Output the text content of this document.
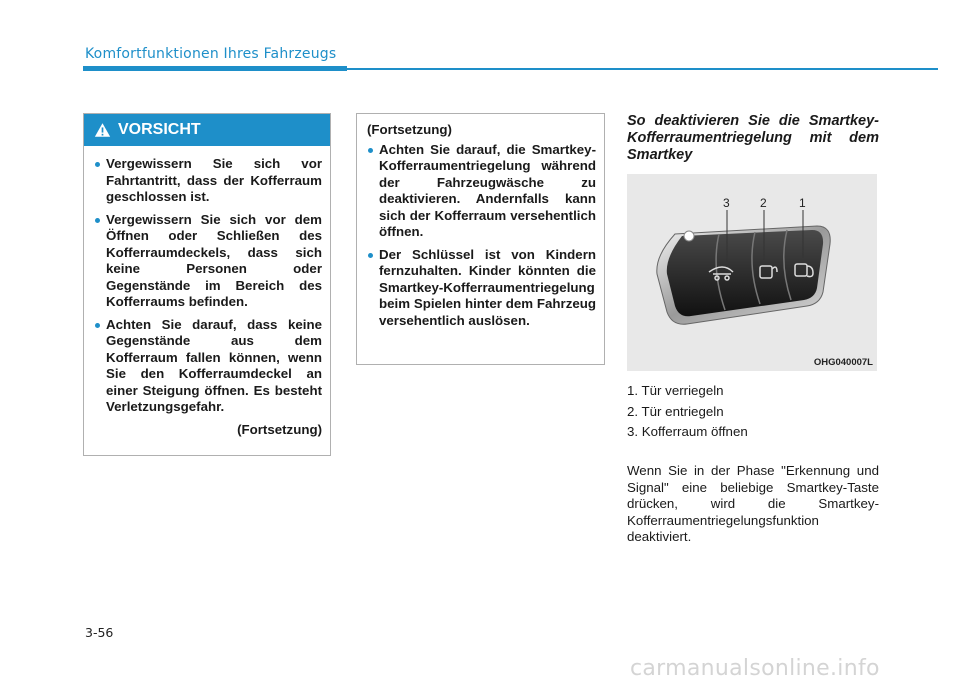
Komfortfunktionen Ihres Fahrzeugs
VORSICHT
Vergewissern Sie sich vor Fahrtantritt, dass der Kofferraum geschlossen ist.
Vergewissern Sie sich vor dem Öffnen oder Schließen des Kofferraumdeckels, dass sich keine Personen oder Gegenstände im Bereich des Kofferraums befinden.
Achten Sie darauf, dass keine Gegenstände aus dem Kofferraum fallen können, wenn Sie den Kofferraumdeckel an einer Steigung öffnen. Es besteht Verletzungsgefahr.
(Fortsetzung)
(Fortsetzung)
Achten Sie darauf, die Smartkey-Kofferraumentriegelung während der Fahrzeugwäsche zu deaktivieren. Andernfalls kann sich der Kofferraum versehentlich öffnen.
Der Schlüssel ist von Kindern fernzuhalten. Kinder könnten die Smartkey-Kofferraumentriegelung beim Spielen hinter dem Fahrzeug versehentlich auslösen.
So deaktivieren Sie die Smartkey-Kofferraumentriegelung mit dem Smartkey
3	2	1
OHG040007L
1. Tür verriegeln
2. Tür entriegeln
3. Kofferraum öffnen
Wenn Sie in der Phase "Erkennung und Signal" eine beliebige Smartkey-Taste drücken, wird die Smartkey-Kofferraumentriegelungsfunktion deaktiviert.
3-56
carmanualsonline.info
